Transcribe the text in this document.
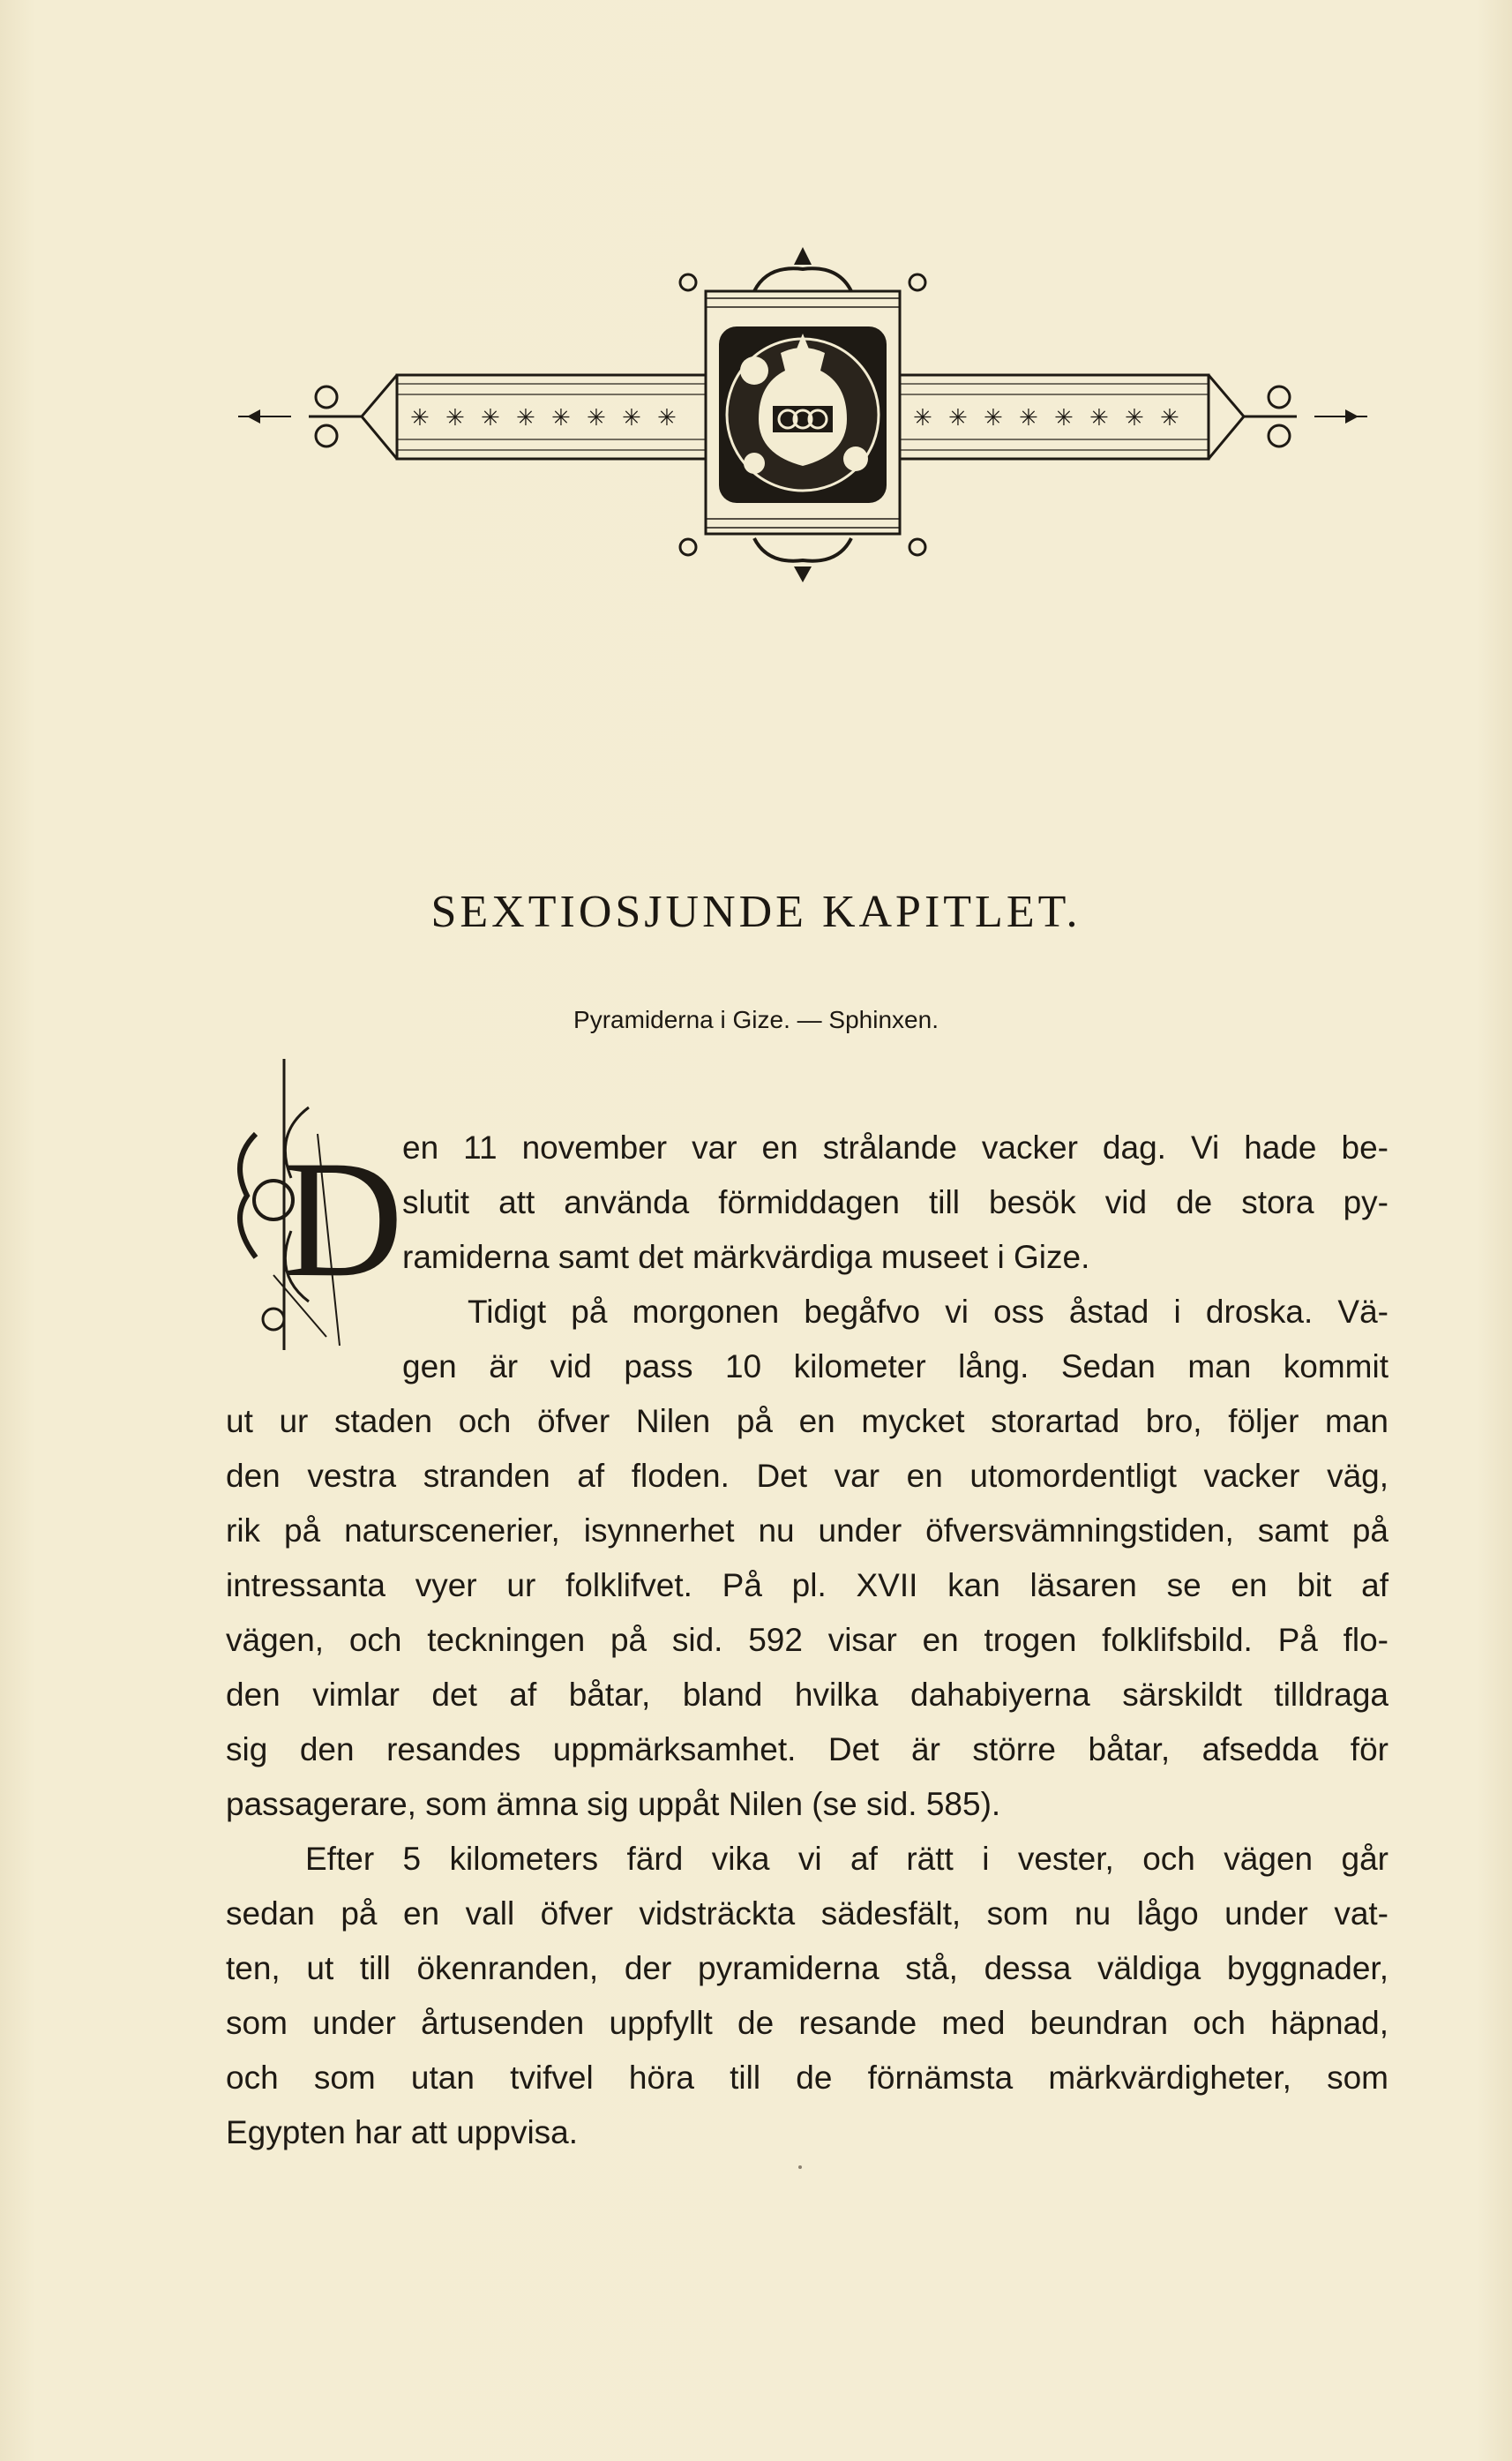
✳ ✳ ✳ ✳ ✳ ✳ ✳ ✳	✳ ✳ ✳ ✳ ✳ ✳ ✳ ✳
SEXTIOSJUNDE KAPITLET.

Pyramiderna i Gize. — Sphinxen.

D
en 11 november var en strålande vacker dag. Vi hade be-
slutit att använda förmiddagen till besök vid de stora py-
ramiderna samt det märkvärdiga museet i Gize.
Tidigt på morgonen begåfvo vi oss åstad i droska. Vä-
gen är vid pass 10 kilometer lång. Sedan man kommit
ut ur staden och öfver Nilen på en mycket storartad bro, följer man
den vestra stranden af floden. Det var en utomordentligt vacker väg,
rik på naturscenerier, isynnerhet nu under öfversvämningstiden, samt på
intressanta vyer ur folklifvet. På pl. XVII kan läsaren se en bit af
vägen, och teckningen på sid. 592 visar en trogen folklifsbild. På flo-
den vimlar det af båtar, bland hvilka dahabiyerna särskildt tilldraga
sig den resandes uppmärksamhet. Det är större båtar, afsedda för
passagerare, som ämna sig uppåt Nilen (se sid. 585).
Efter 5 kilometers färd vika vi af rätt i vester, och vägen går
sedan på en vall öfver vidsträckta sädesfält, som nu lågo under vat-
ten, ut till ökenranden, der pyramiderna stå, dessa väldiga byggnader,
som under årtusenden uppfyllt de resande med beundran och häpnad,
och som utan tvifvel höra till de förnämsta märkvärdigheter, som
Egypten har att uppvisa.
